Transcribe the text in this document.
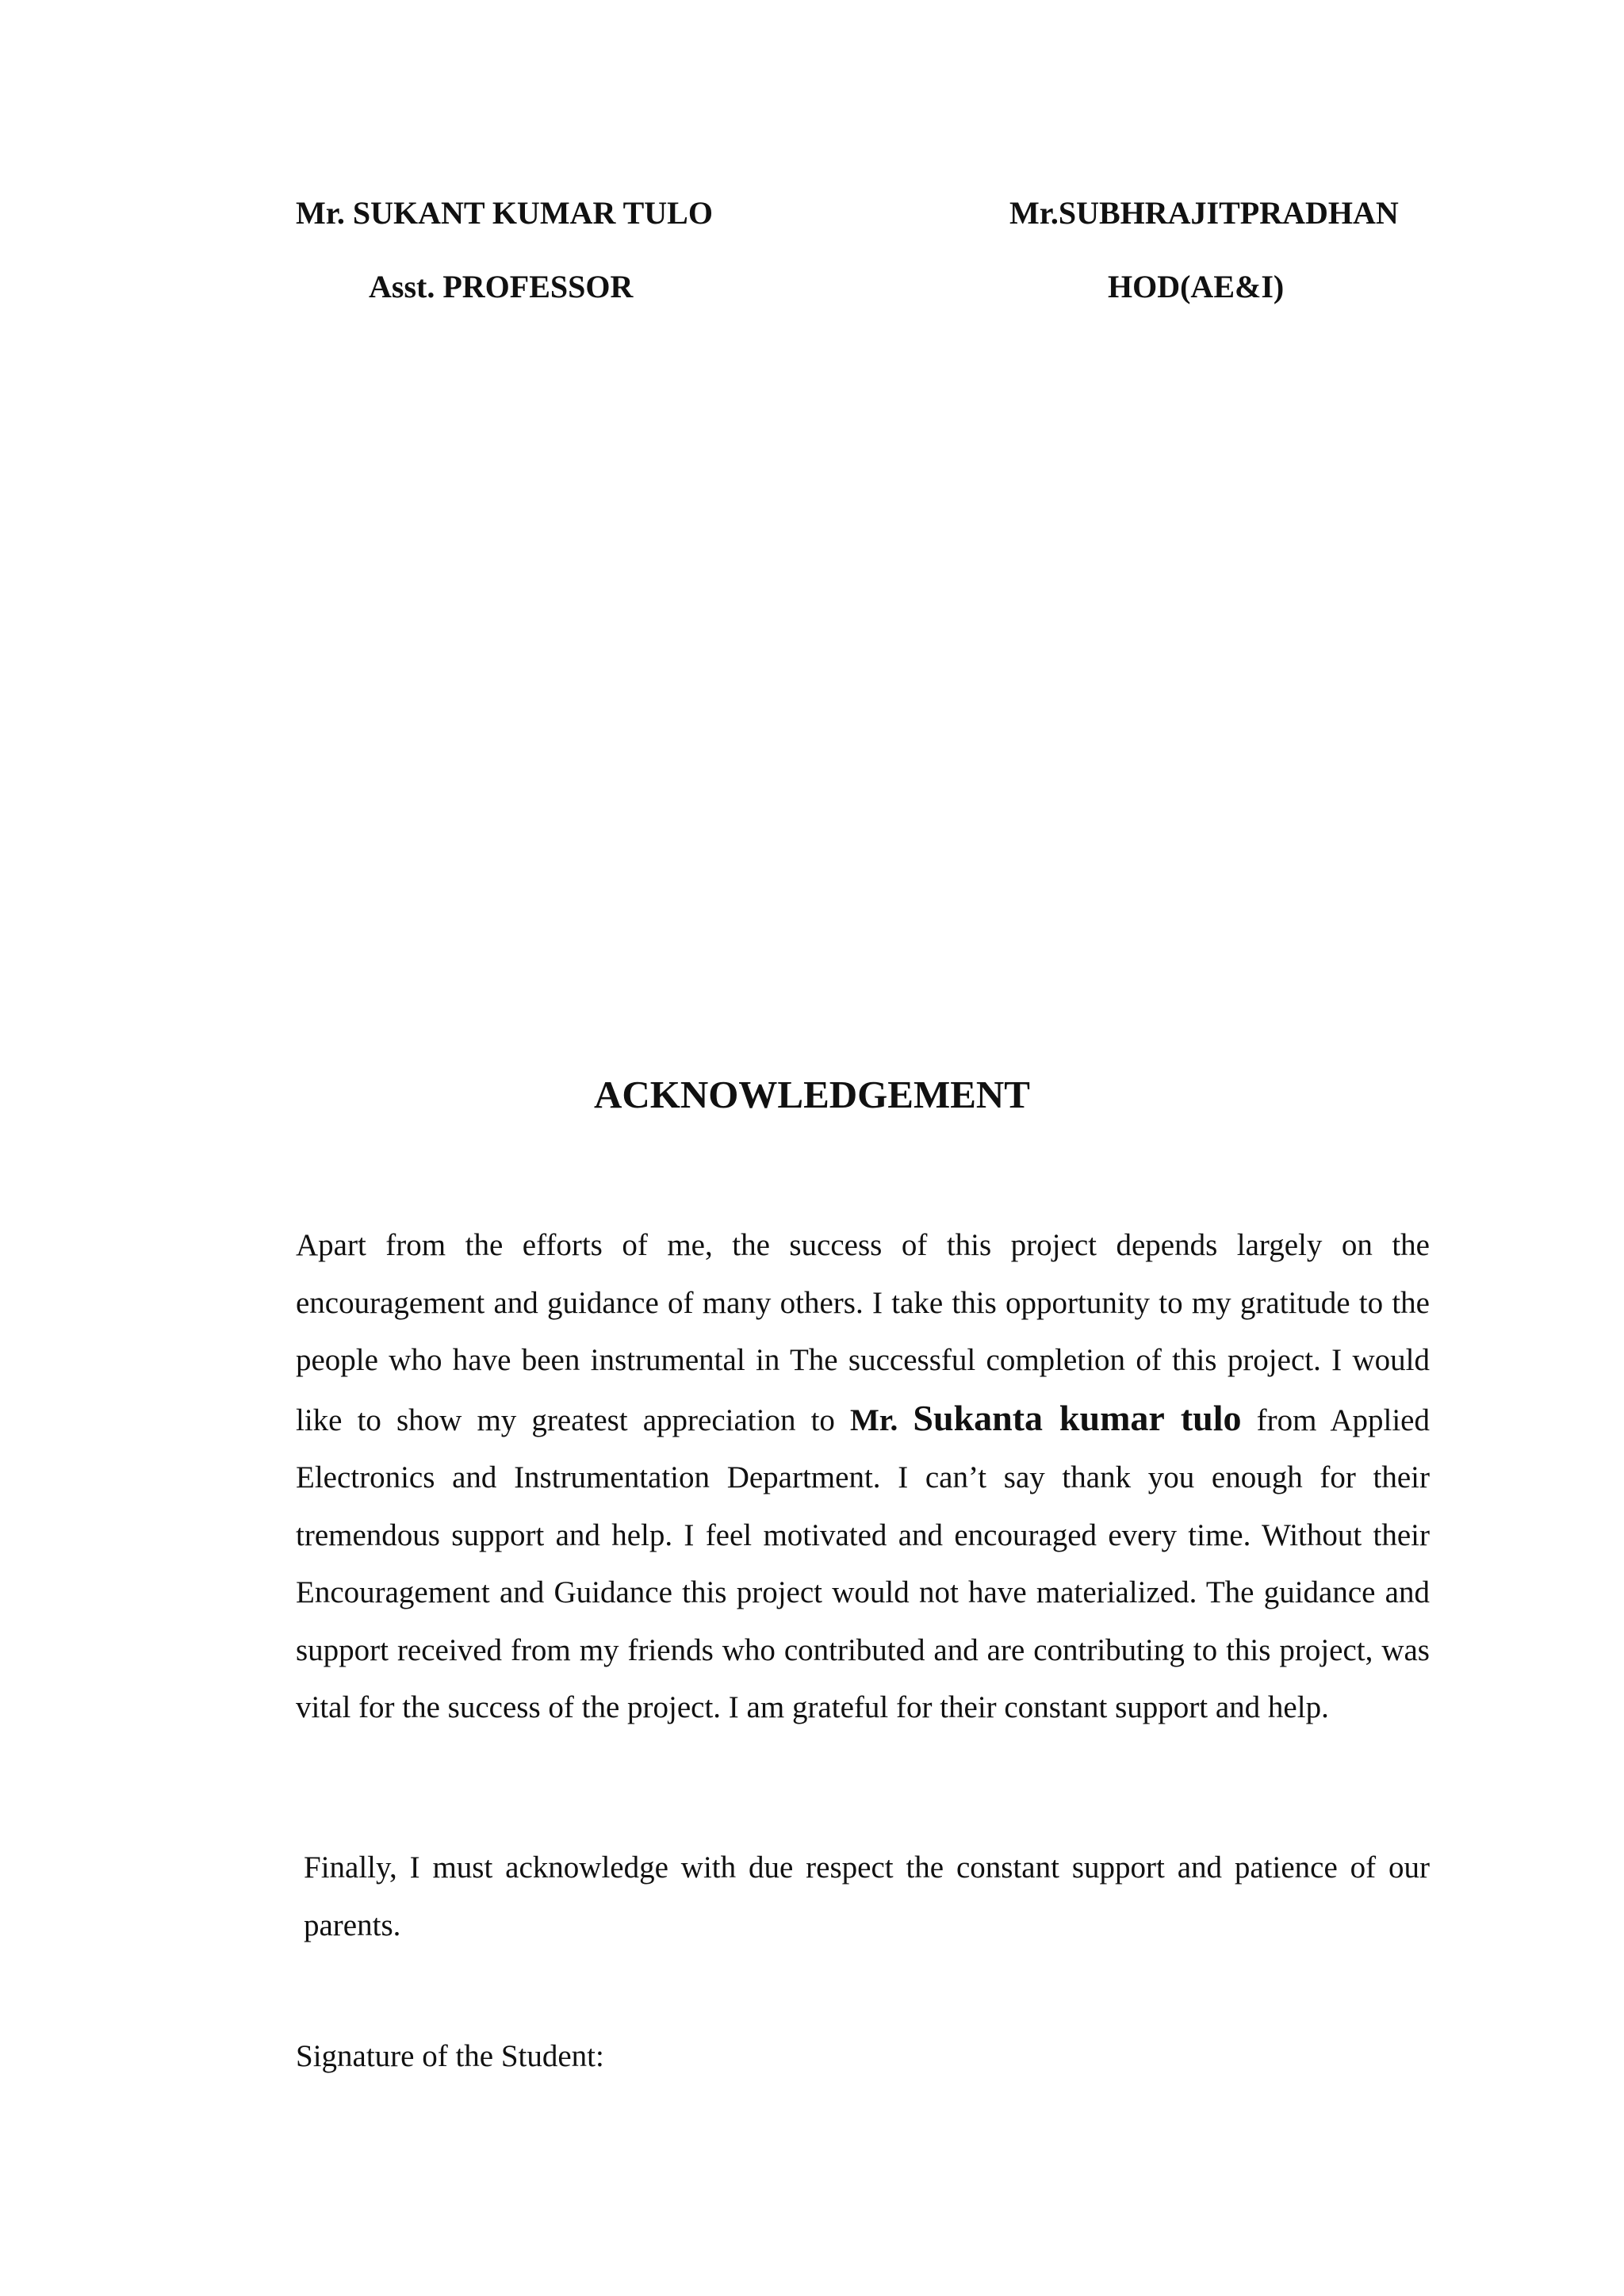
Mr. SUKANT KUMAR TULO
Asst. PROFESSOR
Mr.SUBHRAJITPRADHAN
HOD(AE&I)
ACKNOWLEDGEMENT
Apart from the efforts of me, the success of this project depends largely on the encouragement and guidance of many others. I take this opportunity to my gratitude to the people who have been instrumental in The successful completion of this project. I would like to show my greatest appreciation to Mr. Sukanta kumar tulo from Applied Electronics and Instrumentation Department. I can’t say thank you enough for their tremendous support and help. I feel motivated and encouraged every time. Without their Encouragement and Guidance this project would not have materialized. The guidance and support received from my friends who contributed and are contributing to this project, was vital for the success of the project. I am grateful for their constant support and help.
Finally, I must acknowledge with due respect the constant support and patience of our parents.
Signature of the Student:
